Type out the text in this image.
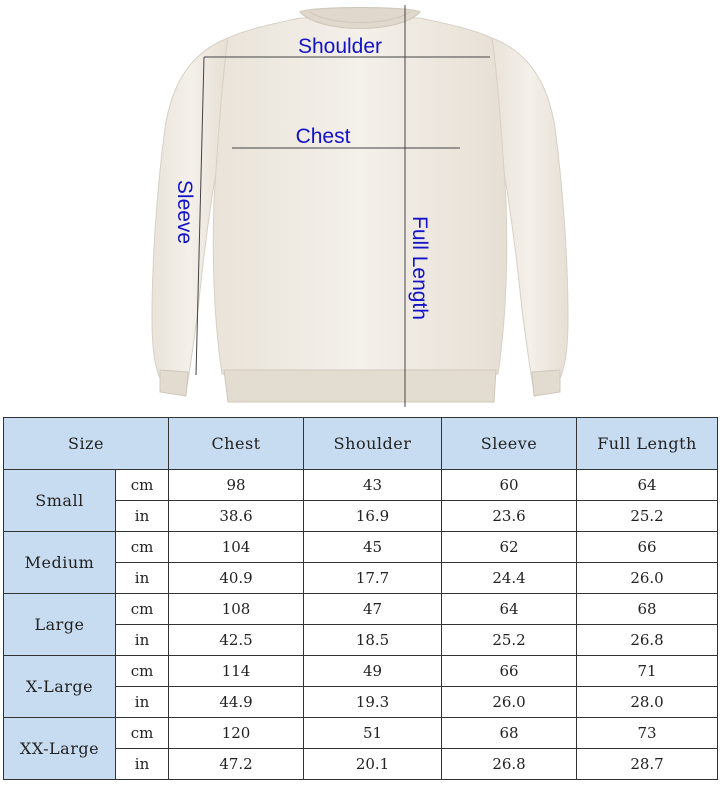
Shoulder
Chest
Sleeve
Full Length
Size		Chest	Shoulder	Sleeve	Full Length
Small	cm	98	43	60	64
	in	38.6	16.9	23.6	25.2
Medium	cm	104	45	62	66
	in	40.9	17.7	24.4	26.0
Large	cm	108	47	64	68
	in	42.5	18.5	25.2	26.8
X-Large	cm	114	49	66	71
	in	44.9	19.3	26.0	28.0
XX-Large	cm	120	51	68	73
	in	47.2	20.1	26.8	28.7
